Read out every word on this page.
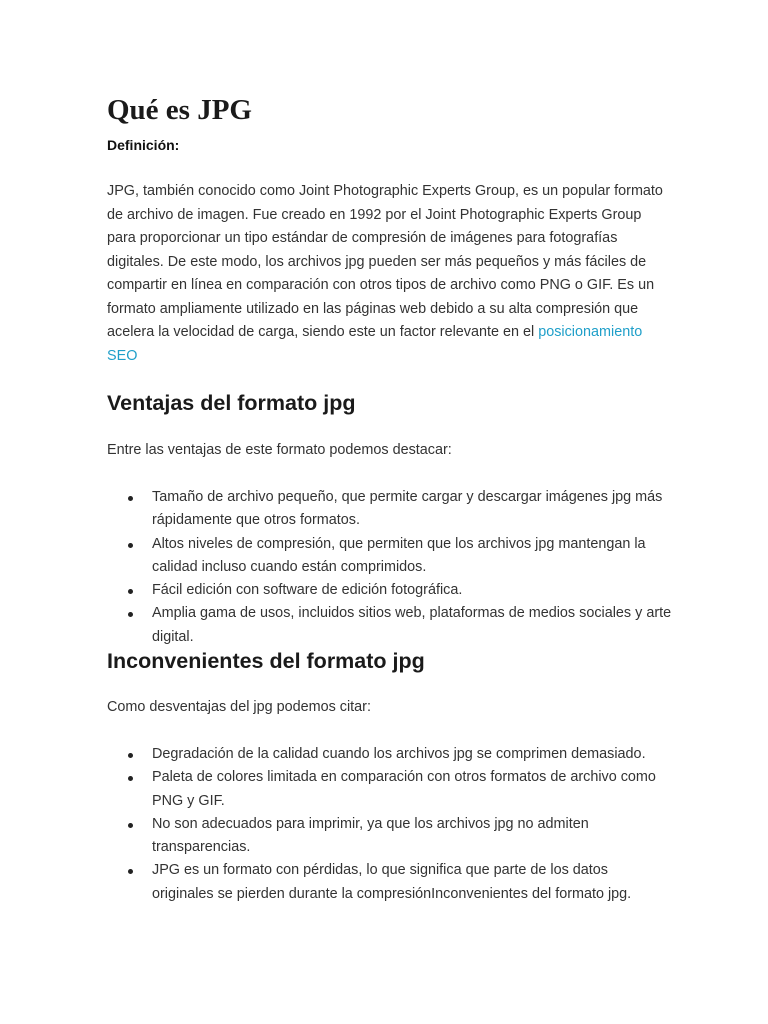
Qué es JPG

Definición:

JPG, también conocido como Joint Photographic Experts Group, es un popular formato de archivo de imagen. Fue creado en 1992 por el Joint Photographic Experts Group para proporcionar un tipo estándar de compresión de imágenes para fotografías digitales. De este modo, los archivos jpg pueden ser más pequeños y más fáciles de compartir en línea en comparación con otros tipos de archivo como PNG o GIF. Es un formato ampliamente utilizado en las páginas web debido a su alta compresión que acelera la velocidad de carga, siendo este un factor relevante en el posicionamiento SEO

Ventajas del formato jpg

Entre las ventajas de este formato podemos destacar:

Tamaño de archivo pequeño, que permite cargar y descargar imágenes jpg más rápidamente que otros formatos.
Altos niveles de compresión, que permiten que los archivos jpg mantengan la calidad incluso cuando están comprimidos.
Fácil edición con software de edición fotográfica.
Amplia gama de usos, incluidos sitios web, plataformas de medios sociales y arte digital.
Inconvenientes del formato jpg

Como desventajas del jpg podemos citar:

Degradación de la calidad cuando los archivos jpg se comprimen demasiado.
Paleta de colores limitada en comparación con otros formatos de archivo como PNG y GIF.
No son adecuados para imprimir, ya que los archivos jpg no admiten transparencias.
JPG es un formato con pérdidas, lo que significa que parte de los datos originales se pierden durante la compresiónInconvenientes del formato jpg.
